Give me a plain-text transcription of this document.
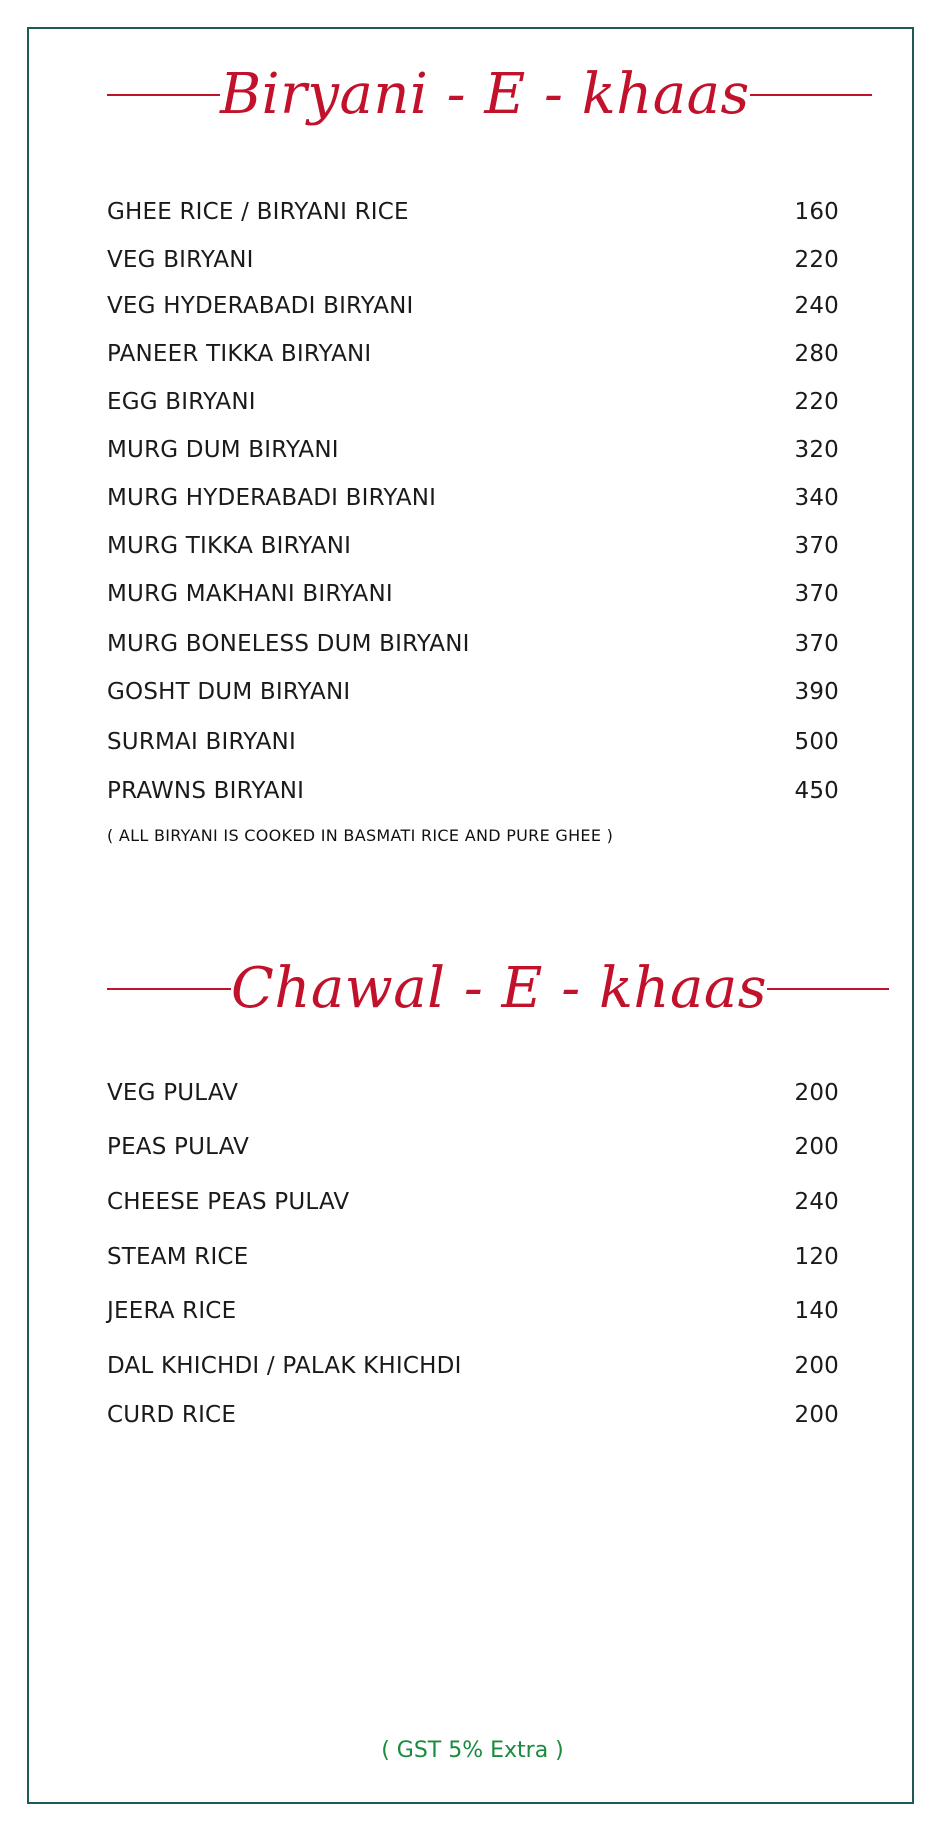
Biryani - E - khaas
GHEE RICE / BIRYANI RICE	160
VEG BIRYANI	220
VEG HYDERABADI BIRYANI	240
PANEER TIKKA BIRYANI	280
EGG BIRYANI	220
MURG DUM BIRYANI	320
MURG HYDERABADI BIRYANI	340
MURG TIKKA BIRYANI	370
MURG MAKHANI BIRYANI	370
MURG BONELESS DUM BIRYANI	370
GOSHT DUM BIRYANI	390
SURMAI BIRYANI	500
PRAWNS BIRYANI	450
( ALL BIRYANI IS COOKED IN BASMATI RICE AND PURE GHEE )
Chawal - E - khaas
VEG PULAV	200
PEAS PULAV	200
CHEESE PEAS PULAV	240
STEAM RICE	120
JEERA RICE	140
DAL KHICHDI / PALAK KHICHDI	200
CURD RICE	200
( GST 5% Extra )
